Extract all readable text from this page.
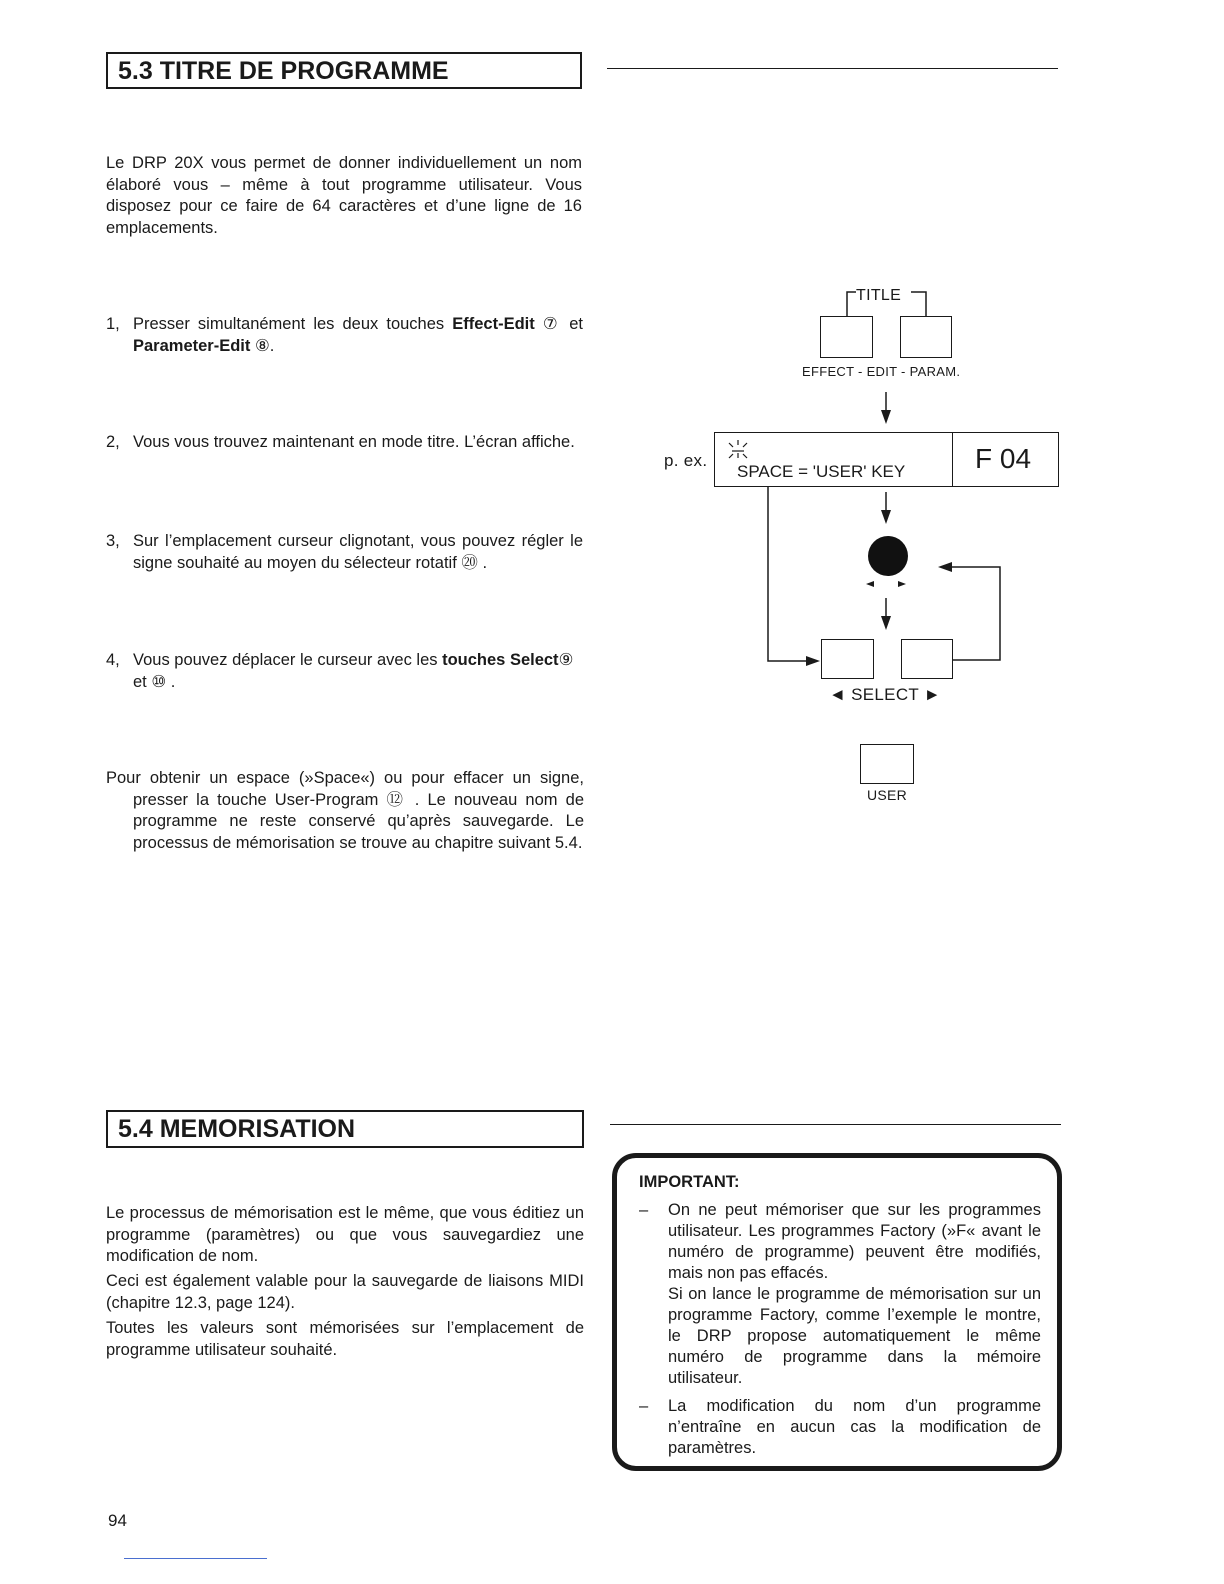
5.3 TITRE DE PROGRAMME

Le DRP 20X vous permet de donner individuellement un nom élaboré vous – même à tout programme utilisateur. Vous disposez pour ce faire de 64 caractères et d’une ligne de 16 emplacements.

1, Presser simultanément les deux touches Effect-Edit ⑦ et Parameter-Edit ⑧.
2, Vous vous trouvez maintenant en mode titre. L’écran affiche.
3, Sur l’emplacement curseur clignotant, vous pouvez régler le signe souhaité au moyen du sélecteur rotatif ⑳ .
4, Vous pouvez déplacer le curseur avec les touches Select⑨
et ⑩ .
Pour obtenir un espace (»Space«) ou pour effacer un signe, presser la touche User-Program ⑫ . Le nouveau nom de programme ne reste conservé qu’après sauvegarde. Le processus de mémorisation se trouve au chapitre suivant 5.4.
TITLE
EFFECT - EDIT - PARAM.
p. ex.
SPACE = 'USER' KEY F 04
◄ SELECT ►
USER
5.4 MEMORISATION

Le processus de mémorisation est le même, que vous éditiez un programme (paramètres) ou que vous sauvegardiez une modification de nom.

Ceci est également valable pour la sauvegarde de liaisons MIDI (chapitre 12.3, page 124).

Toutes les valeurs sont mémorisées sur l’emplacement de programme utilisateur souhaité.

IMPORTANT:
– On ne peut mémoriser que sur les programmes utilisateur. Les programmes Factory (»F« avant le numéro de programme) peuvent être modifiés, mais non pas effacés.
Si on lance le programme de mémorisation sur un programme Factory, comme l’exemple le montre, le DRP propose automatiquement le même numéro de programme dans la mémoire utilisateur.
– La modification du nom d’un programme n’entraîne en aucun cas la modification de paramètres.
94
